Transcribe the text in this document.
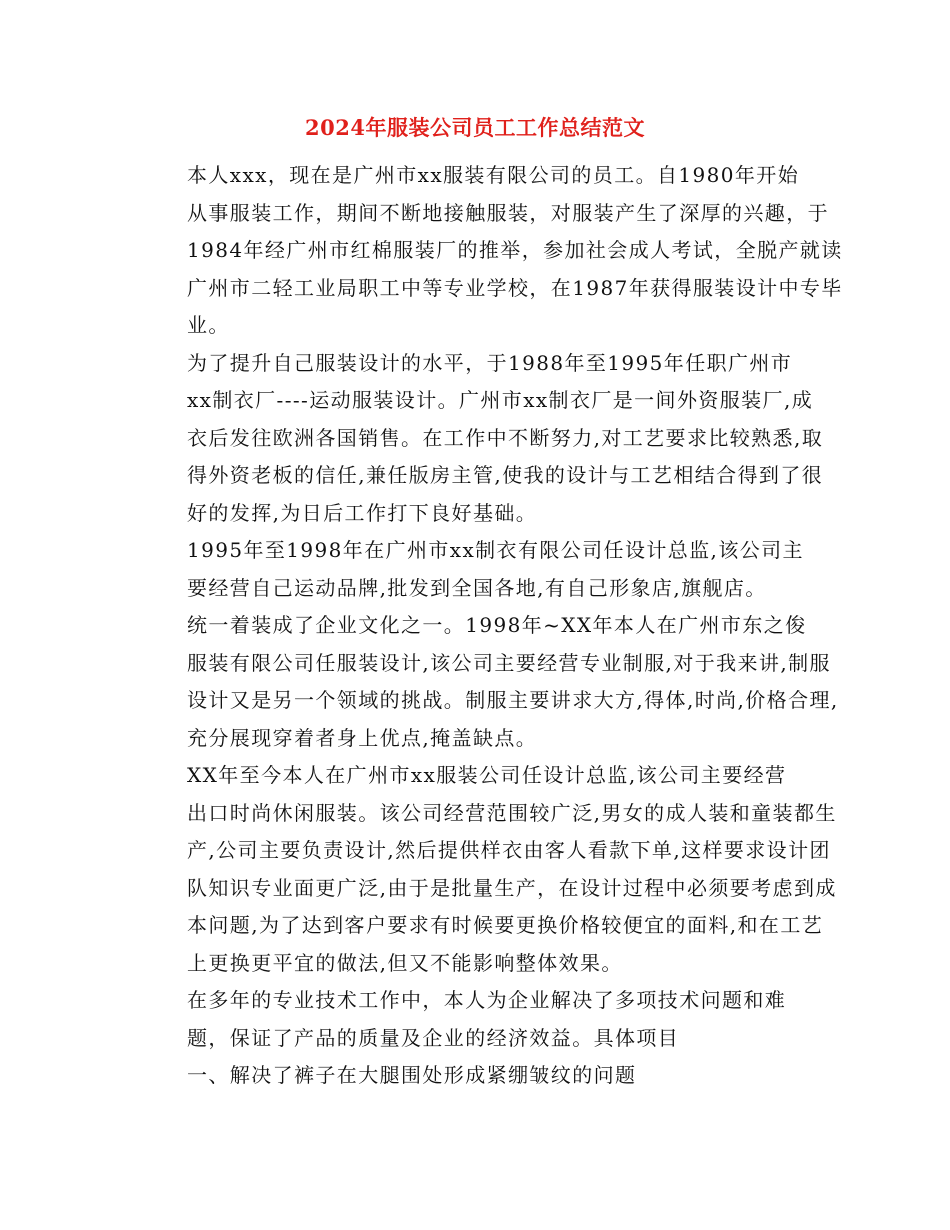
2024年服装公司员工工作总结范文

本人xxx，现在是广州市xx服装有限公司的员工。自1980年开始
从事服装工作，期间不断地接触服装，对服装产生了深厚的兴趣，于
1984年经广州市红棉服装厂的推举，参加社会成人考试，全脱产就读
广州市二轻工业局职工中等专业学校，在1987年获得服装设计中专毕
业。

为了提升自己服装设计的水平，于1988年至1995年任职广州市
xx制衣厂----运动服装设计。广州市xx制衣厂是一间外资服装厂,成
衣后发往欧洲各国销售。在工作中不断努力,对工艺要求比较熟悉,取
得外资老板的信任,兼任版房主管,使我的设计与工艺相结合得到了很
好的发挥,为日后工作打下良好基础。

1995年至1998年在广州市xx制衣有限公司任设计总监,该公司主
要经营自己运动品牌,批发到全国各地,有自己形象店,旗舰店。

统一着装成了企业文化之一。1998年~XX年本人在广州市东之俊
服装有限公司任服装设计,该公司主要经营专业制服,对于我来讲,制服
设计又是另一个领域的挑战。制服主要讲求大方,得体,时尚,价格合理,
充分展现穿着者身上优点,掩盖缺点。

XX年至今本人在广州市xx服装公司任设计总监,该公司主要经营
出口时尚休闲服装。该公司经营范围较广泛,男女的成人装和童装都生
产,公司主要负责设计,然后提供样衣由客人看款下单,这样要求设计团
队知识专业面更广泛,由于是批量生产，在设计过程中必须要考虑到成
本问题,为了达到客户要求有时候要更换价格较便宜的面料,和在工艺
上更换更平宜的做法,但又不能影响整体效果。

在多年的专业技术工作中，本人为企业解决了多项技术问题和难
题，保证了产品的质量及企业的经济效益。具体项目

一、解决了裤子在大腿围处形成紧绷皱纹的问题
